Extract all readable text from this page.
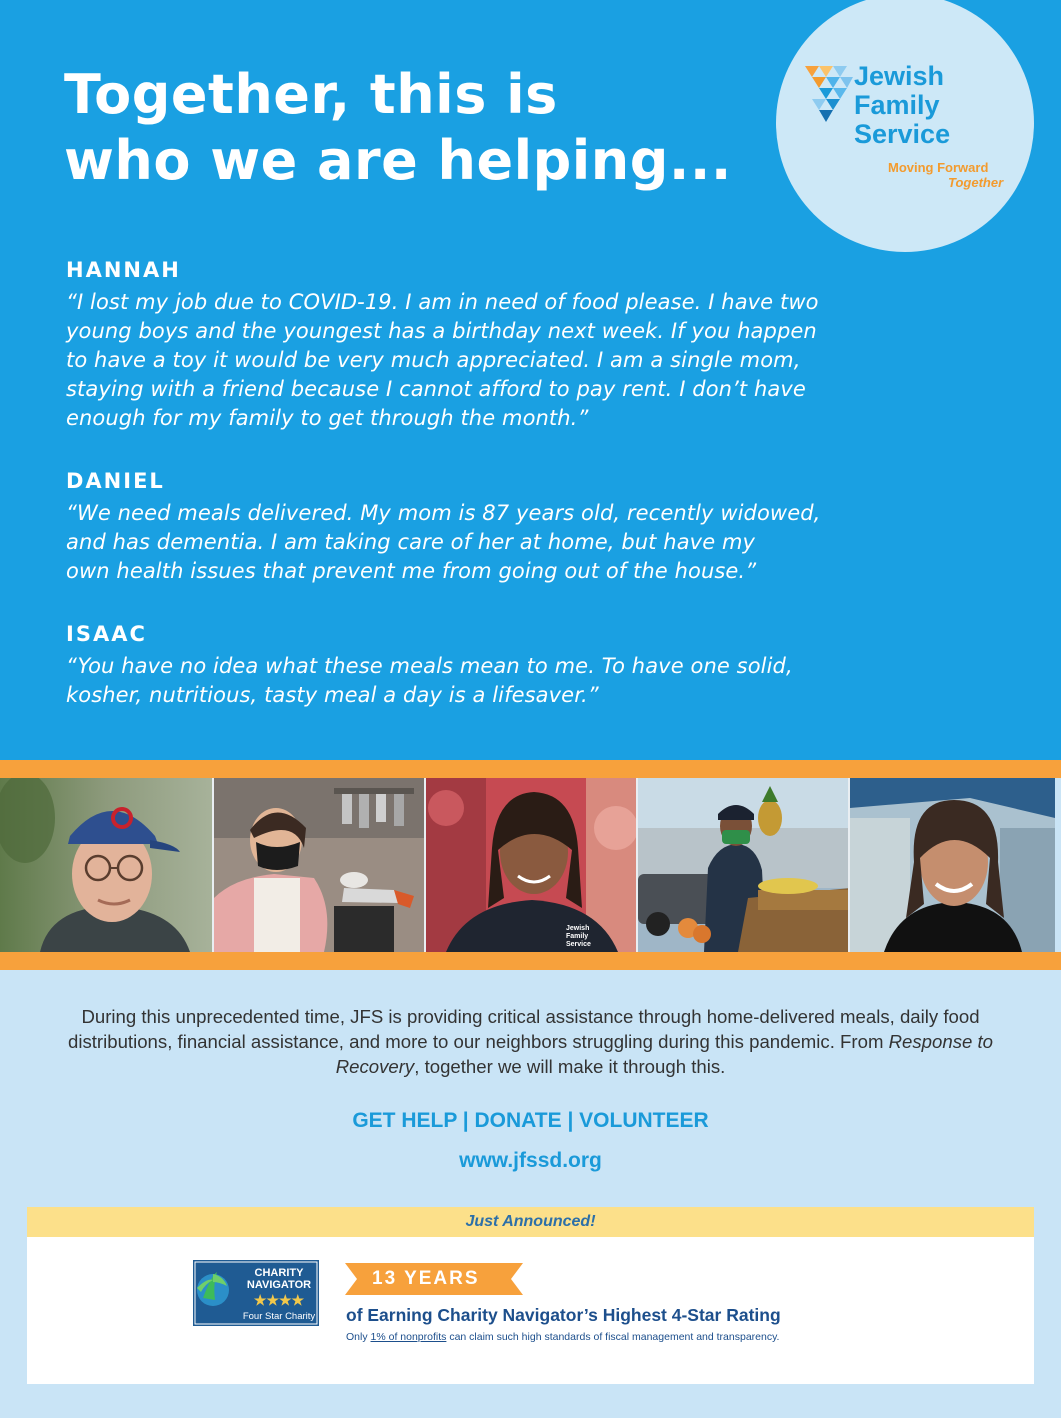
Together, this is
who we are helping...
Jewish
Family
Service
Moving Forward
Together
HANNAH
“I lost my job due to COVID-19. I am in need of food please. I have two
young boys and the youngest has a birthday next week. If you happen
to have a toy it would be very much appreciated. I am a single mom,
staying with a friend because I cannot afford to pay rent. I don’t have
enough for my family to get through the month.”
DANIEL
“We need meals delivered. My mom is 87 years old, recently widowed,
and has dementia. I am taking care of her at home, but have my
own health issues that prevent me from going out of the house.”
ISAAC
“You have no idea what these meals mean to me. To have one solid,
kosher, nutritious, tasty meal a day is a lifesaver.”
Jewish
Family
Service

During this unprecedented time, JFS is providing critical assistance through home-delivered meals, daily food distributions, financial assistance, and more to our neighbors struggling during this pandemic. From Response to Recovery, together we will make it through this.

GET HELP | DONATE | VOLUNTEER
www.jfssd.org
Just Announced!
CHARITY
NAVIGATOR
★★★★
Four Star Charity
13 YEARS
of Earning Charity Navigator’s Highest 4-Star Rating
Only 1% of nonprofits can claim such high standards of fiscal management and transparency.
